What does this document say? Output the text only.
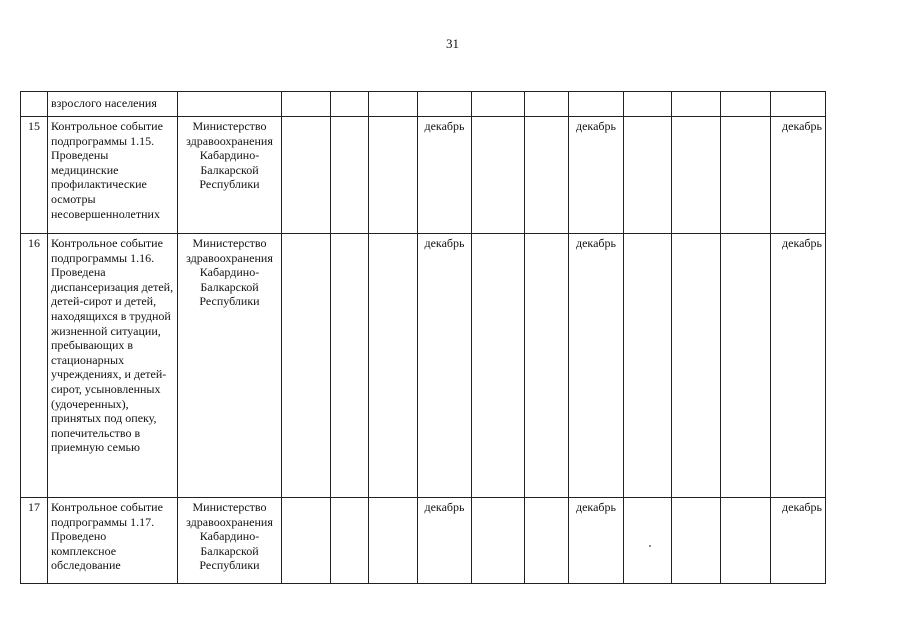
31
	взрослого населения												
15	Контрольное событие подпрограммы 1.15. Проведены медицинские профилактические осмотры несовершеннолетних	Министерство здравоохранения Кабардино-Балкарской Республики				декабрь			декабрь				декабрь
16	Контрольное событие подпрограммы 1.16. Проведена диспансеризация детей, детей-сирот и детей, находящихся в трудной жизненной ситуации, пребывающих в стационарных учреждениях, и детей-сирот, усыновленных (удочеренных), принятых под опеку, попечительство в приемную семью	Министерство здравоохранения Кабардино-Балкарской Республики				декабрь			декабрь				декабрь
17	Контрольное событие подпрограммы 1.17. Проведено комплексное обследование	Министерство здравоохранения Кабардино-Балкарской Республики				декабрь			декабрь				декабрь
